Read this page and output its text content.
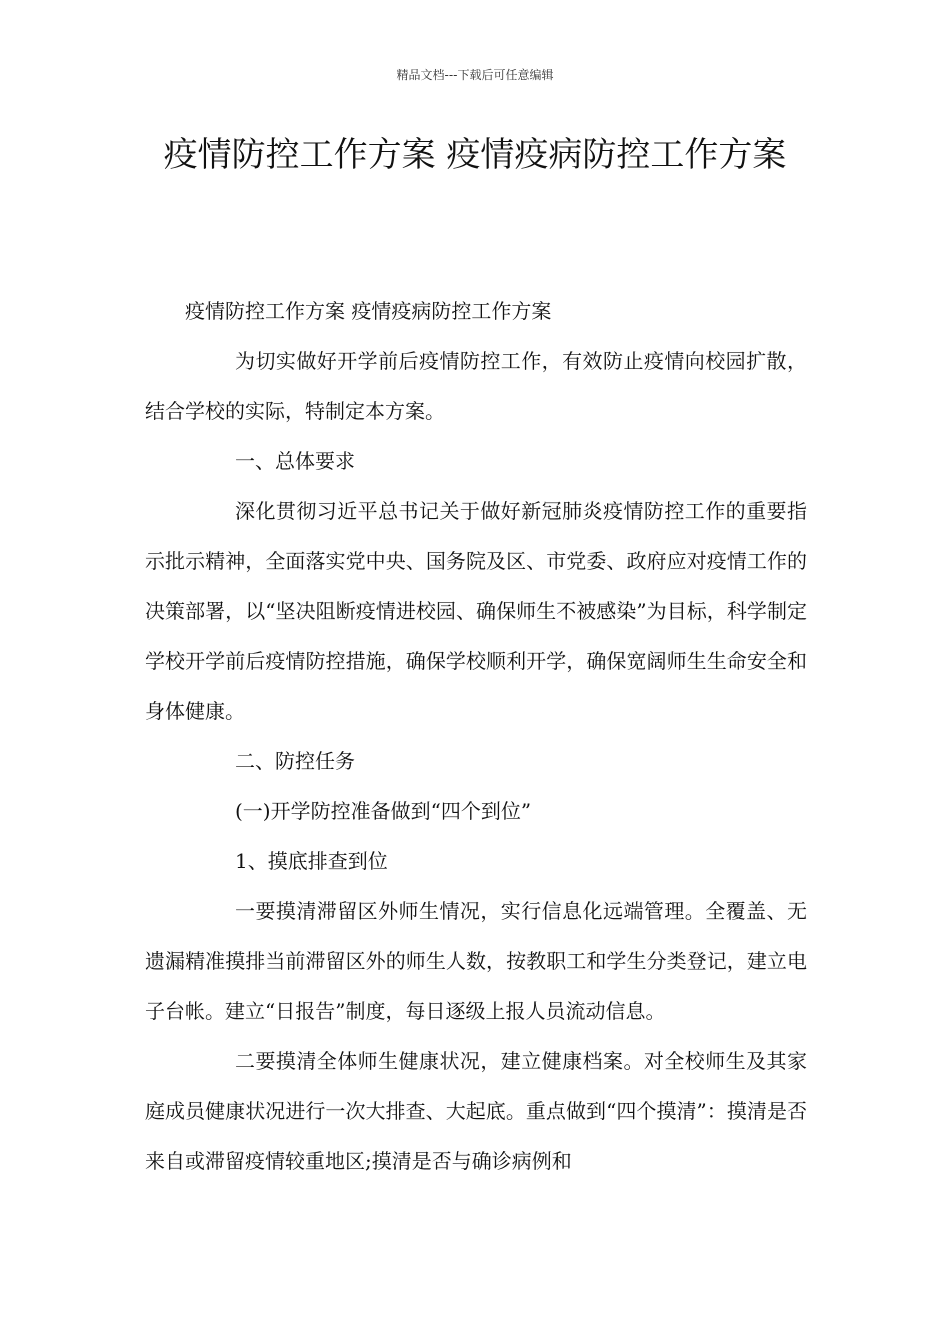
精品文档---下载后可任意编辑
疫情防控工作方案 疫情疫病防控工作方案

疫情防控工作方案 疫情疫病防控工作方案

为切实做好开学前后疫情防控工作，有效防止疫情向校园扩散，结合学校的实际，特制定本方案。

一、总体要求

深化贯彻习近平总书记关于做好新冠肺炎疫情防控工作的重要指示批示精神，全面落实党中央、国务院及区、市党委、政府应对疫情工作的决策部署，以“坚决阻断疫情进校园、确保师生不被感染”为目标，科学制定学校开学前后疫情防控措施，确保学校顺利开学，确保宽阔师生生命安全和身体健康。

二、防控任务

(一)开学防控准备做到“四个到位”

1、摸底排查到位

一要摸清滞留区外师生情况，实行信息化远端管理。全覆盖、无遗漏精准摸排当前滞留区外的师生人数，按教职工和学生分类登记，建立电子台帐。建立“日报告”制度，每日逐级上报人员流动信息。

二要摸清全体师生健康状况，建立健康档案。对全校师生及其家庭成员健康状况进行一次大排查、大起底。重点做到“四个摸清”：摸清是否来自或滞留疫情较重地区;摸清是否与确诊病例和
